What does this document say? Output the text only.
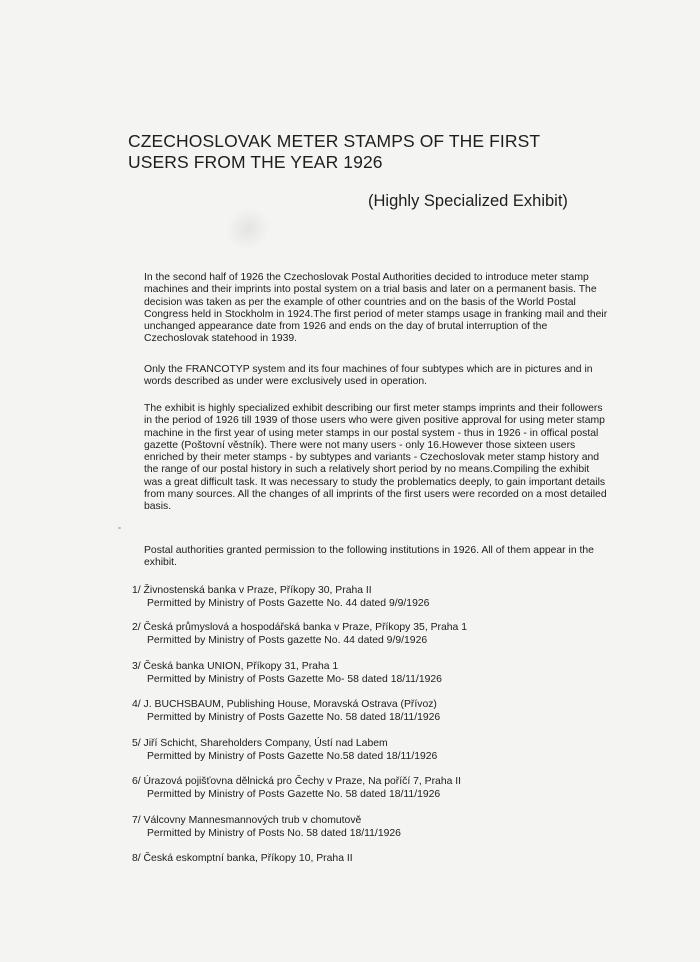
CZECHOSLOVAK METER STAMPS OF THE FIRST USERS FROM THE YEAR 1926
(Highly Specialized Exhibit)
In the second half of 1926 the Czechoslovak Postal Authorities decided to introduce meter stamp machines and their imprints into postal system on a trial basis and later on a permanent basis. The decision was taken as per the example of other countries and on the basis of the World Postal Congress held in Stockholm in 1924.The first period of meter stamps usage in franking mail and their unchanged appearance date from 1926 and ends on the day of brutal interruption of the Czechoslovak statehood in 1939.
Only the FRANCOTYP system and its four machines of four subtypes which are in pictures and in words described as under were exclusively used in operation.
The exhibit is highly specialized exhibit describing our first meter stamps imprints and their followers in the period of 1926 till 1939 of those users who were given positive approval for using meter stamp machine in the first year of using meter stamps in our postal system - thus in 1926 - in offical postal gazette (Poštovní věstník). There were not many users - only 16.However those sixteen users enriched by their meter stamps - by subtypes and variants - Czechoslovak meter stamp history and the range of our postal history in such a relatively short period by no means.Compiling the exhibit was a great difficult task. It was necessary to study the problematics deeply, to gain important details from many sources. All the changes of all imprints of the first users were recorded on a most detailed basis.
Postal authorities granted permission to the following institutions in 1926. All of them appear in the exhibit.
1/ Živnostenská banka v Praze, Příkopy 30, Praha II
Permitted by Ministry of Posts Gazette No. 44 dated 9/9/1926
2/ Česká průmyslová a hospodářská banka v Praze, Příkopy 35, Praha 1
Permitted by Ministry of Posts gazette No. 44 dated 9/9/1926
3/ Česká banka UNION, Příkopy 31, Praha 1
Permitted by Ministry of Posts Gazette Mo- 58 dated 18/11/1926
4/ J. BUCHSBAUM, Publishing House, Moravská Ostrava (Přívoz)
Permitted by Ministry of Posts Gazette No. 58 dated 18/11/1926
5/ Jiří Schicht, Shareholders Company, Ústí nad Labem
Permitted by Ministry of Posts Gazette No.58 dated 18/11/1926
6/ Úrazová pojišťovna dělnická pro Čechy v Praze, Na poříčí 7, Praha II
Permitted by Ministry of Posts Gazette No. 58 dated 18/11/1926
7/ Válcovny Mannesmannových trub v chomutově
Permitted by Ministry of Posts No. 58 dated 18/11/1926
8/ Česká eskomptní banka, Příkopy 10, Praha II
